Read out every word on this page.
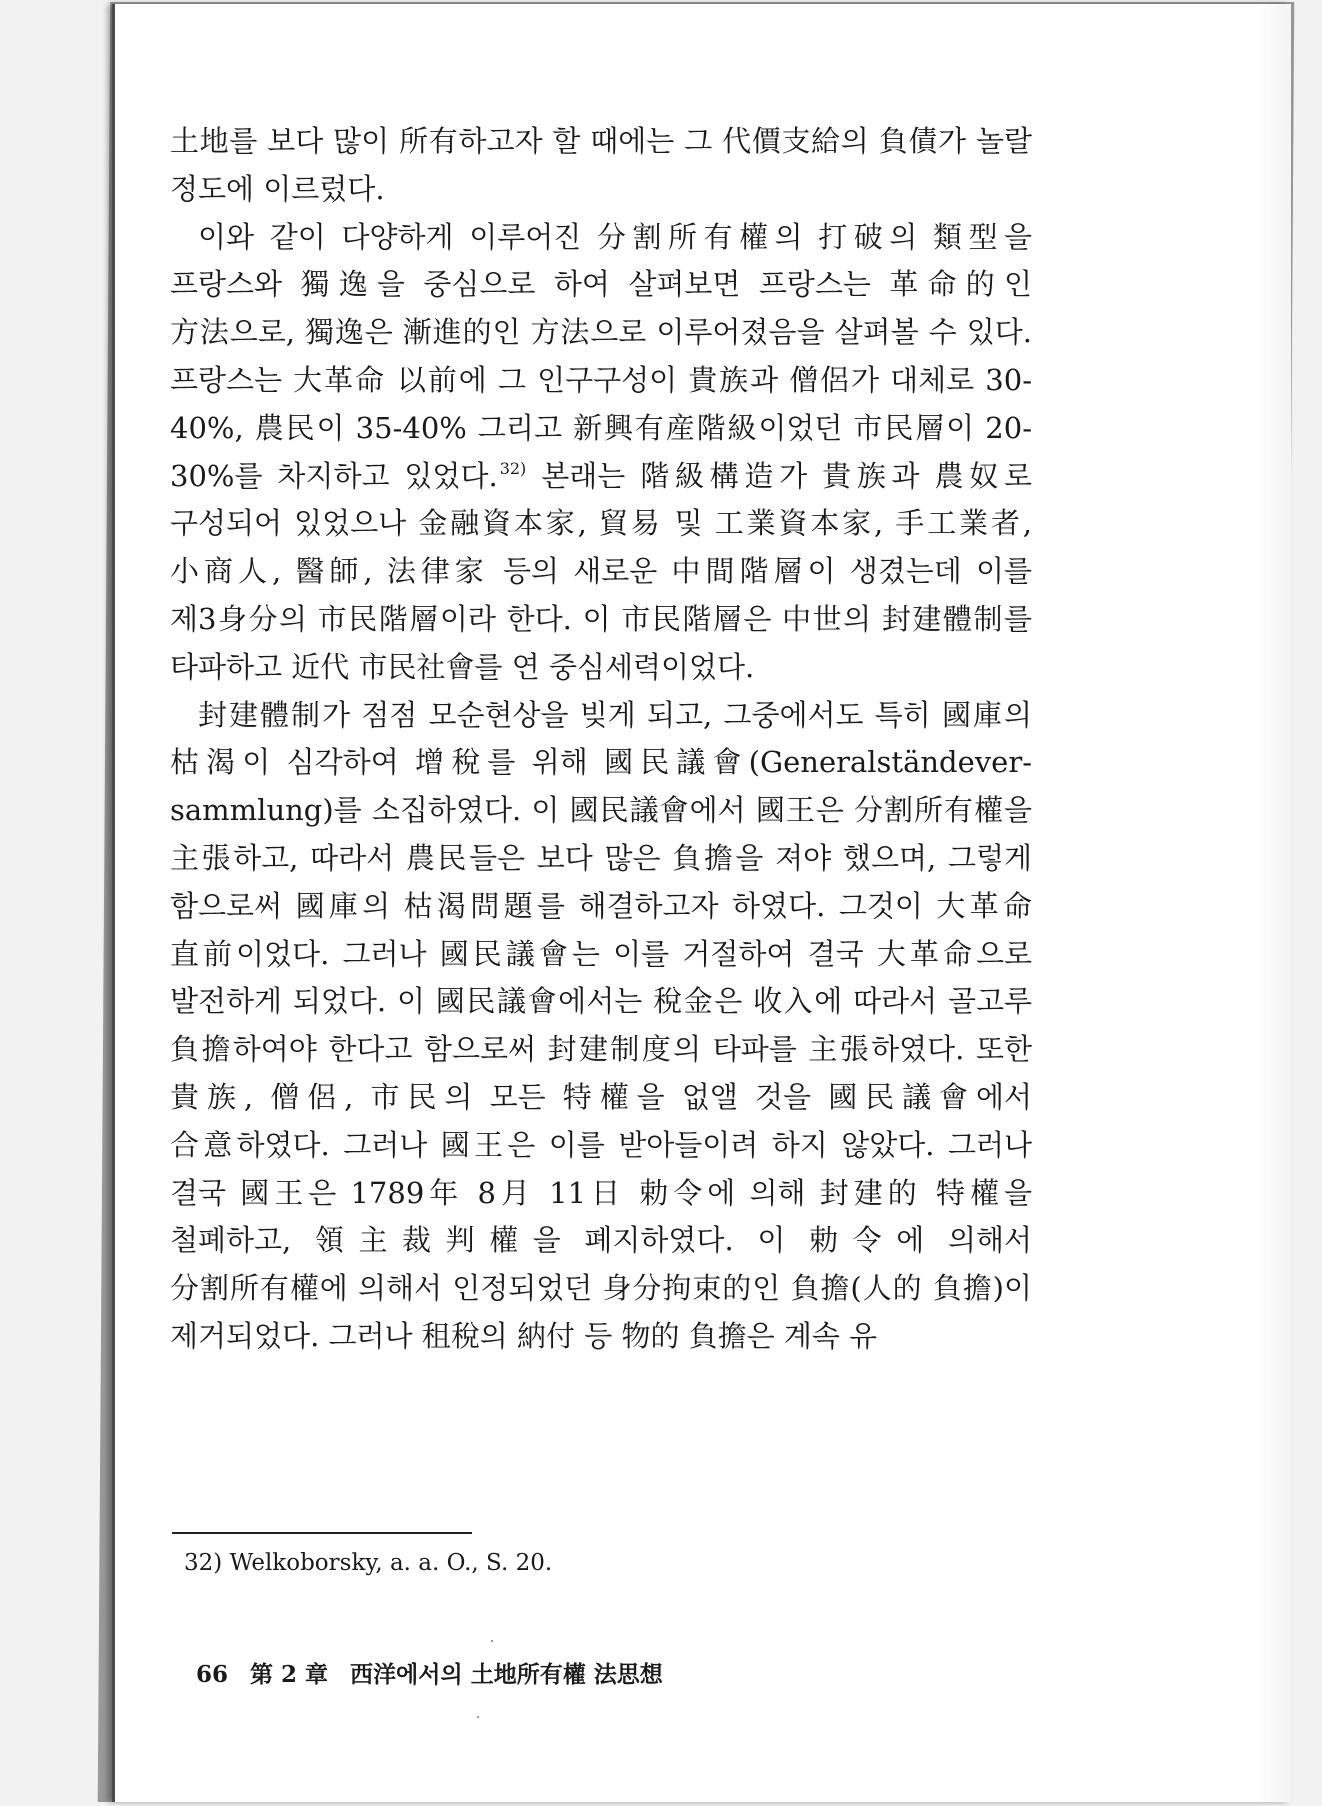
土地를 보다 많이 所有하고자 할 때에는 그 代價支給의 負債가 놀랄 정도에 이르렀다.

이와 같이 다양하게 이루어진 分割所有權의 打破의 類型을 프랑스와 獨逸을 중심으로 하여 살펴보면 프랑스는 革命的인 方法으로, 獨逸은 漸進的인 方法으로 이루어졌음을 살펴볼 수 있다. 프랑스는 大革命 以前에 그 인구구성이 貴族과 僧侶가 대체로 30-40%, 農民이 35-40% 그리고 新興有産階級이었던 市民層이 20-30%를 차지하고 있었다. $^{32)}$ 본래는 階級構造가 貴族과 農奴로 구성되어 있었으나 金融資本家, 貿易 및 工業資本家, 手工業者, 小商人, 醫師, 法律家 등의 새로운 中間階層이 생겼는데 이를 제3身分의 市民階層이라 한다. 이 市民階層은 中世의 封建體制를 타파하고 近代 市民社會를 연 중심세력이었다.

封建體制가 점점 모순현상을 빚게 되고, 그중에서도 특히 國庫의 枯渴이 심각하여 增稅를 위해 國民議會(Generalständever-sammlung)를 소집하였다. 이 國民議會에서 國王은 分割所有權을 主張하고, 따라서 農民들은 보다 많은 負擔을 져야 했으며, 그렇게 함으로써 國庫의 枯渴問題를 해결하고자 하였다. 그것이 大革命 直前이었다. 그러나 國民議會는 이를 거절하여 결국 大革命으로 발전하게 되었다. 이 國民議會에서는 稅金은 收入에 따라서 골고루 負擔하여야 한다고 함으로써 封建制度의 타파를 主張하였다. 또한 貴族, 僧侶, 市民의 모든 特權을 없앨 것을 國民議會에서 合意하였다. 그러나 國王은 이를 받아들이려 하지 않았다. 그러나 결국 國王은 1789年 8月 11日 勅令에 의해 封建的 特權을 철폐하고, 領主裁判權을 폐지하였다. 이 勅令에 의해서 分割所有權에 의해서 인정되었던 身分拘束的인 負擔(人的 負擔)이 제거되었다. 그러나 租稅의 納付 등 物的 負擔은 계속 유

32) Welkoborsky, a. a. O., S. 20.
66 第 2 章 西洋에서의 土地所有權 法思想
